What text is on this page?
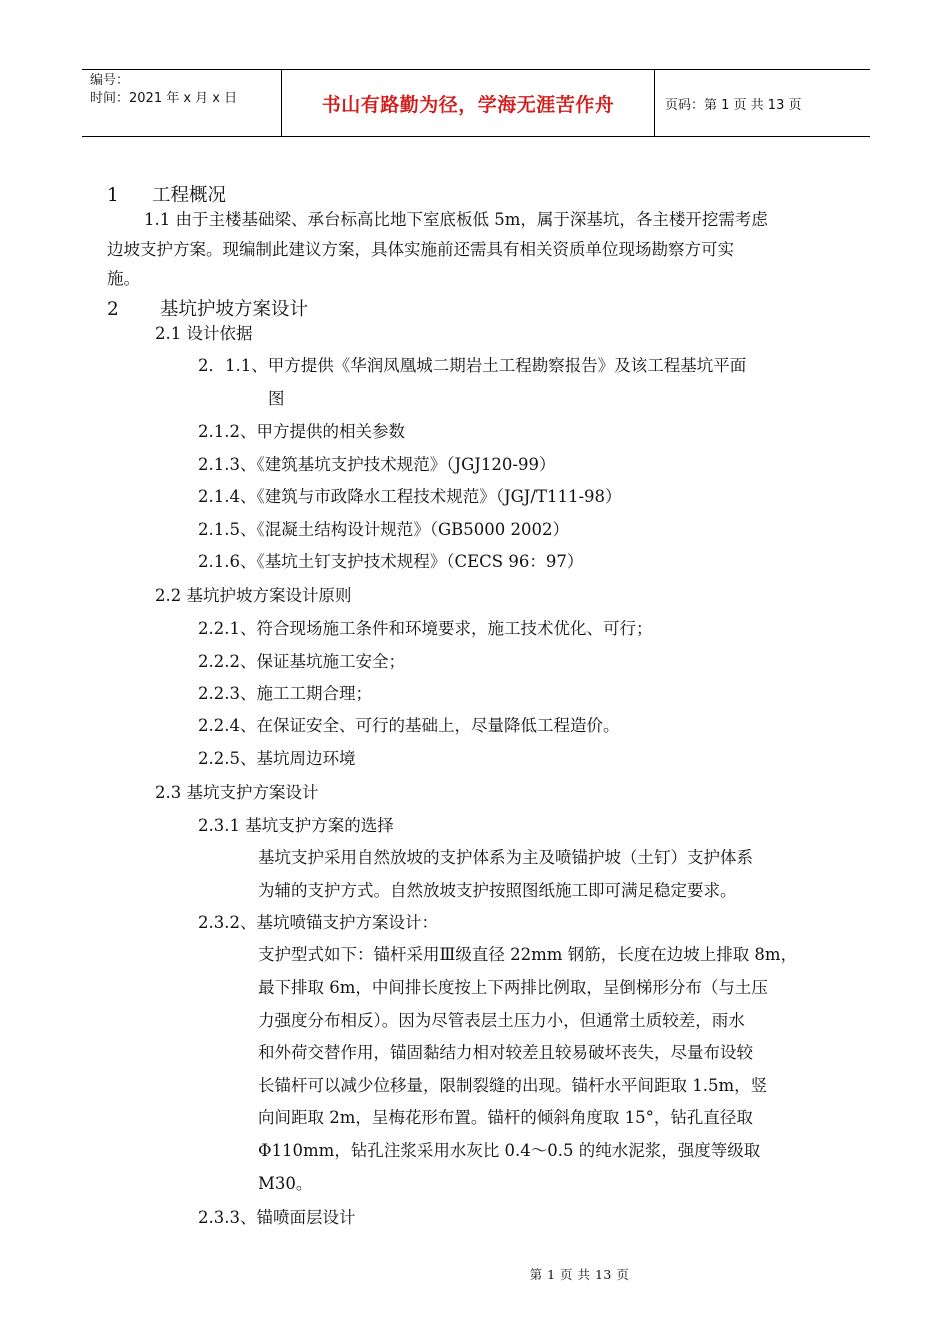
编号：
时间：2021 年 x 月 x 日	书山有路勤为径，学海无涯苦作舟	页码：第 1 页 共 13 页
1 工程概况
1.1 由于主楼基础梁、承台标高比地下室底板低 5m，属于深基坑，各主楼开挖需考虑
边坡支护方案。现编制此建议方案，具体实施前还需具有相关资质单位现场勘察方可实
施。
2 基坑护坡方案设计
2.1 设计依据
2．1.1、甲方提供《华润凤凰城二期岩土工程勘察报告》及该工程基坑平面
图
2.1.2、甲方提供的相关参数
2.1.3、《建筑基坑支护技术规范》（JGJ120-99）
2.1.4、《建筑与市政降水工程技术规范》（JGJ/T111-98）
2.1.5、《混凝土结构设计规范》（GB5000 2002）
2.1.6、《基坑土钉支护技术规程》（CECS 96：97）
2.2 基坑护坡方案设计原则
2.2.1、符合现场施工条件和环境要求，施工技术优化、可行；
2.2.2、保证基坑施工安全；
2.2.3、施工工期合理；
2.2.4、在保证安全、可行的基础上，尽量降低工程造价。
2.2.5、基坑周边环境
2.3 基坑支护方案设计
2.3.1 基坑支护方案的选择
基坑支护采用自然放坡的支护体系为主及喷锚护坡（土钉）支护体系
为辅的支护方式。自然放坡支护按照图纸施工即可满足稳定要求。
2.3.2、基坑喷锚支护方案设计：
支护型式如下：锚杆采用Ⅲ级直径 22mm 钢筋，长度在边坡上排取 8m，
最下排取 6m，中间排长度按上下两排比例取，呈倒梯形分布（与土压
力强度分布相反）。因为尽管表层土压力小，但通常土质较差，雨水
和外荷交替作用，锚固黏结力相对较差且较易破坏丧失，尽量布设较
长锚杆可以减少位移量，限制裂缝的出现。锚杆水平间距取 1.5m，竖
向间距取 2m，呈梅花形布置。锚杆的倾斜角度取 15°，钻孔直径取
Φ110mm，钻孔注浆采用水灰比 0.4～0.5 的纯水泥浆，强度等级取
M30。
2.3.3、锚喷面层设计

第 1 页 共 13 页
